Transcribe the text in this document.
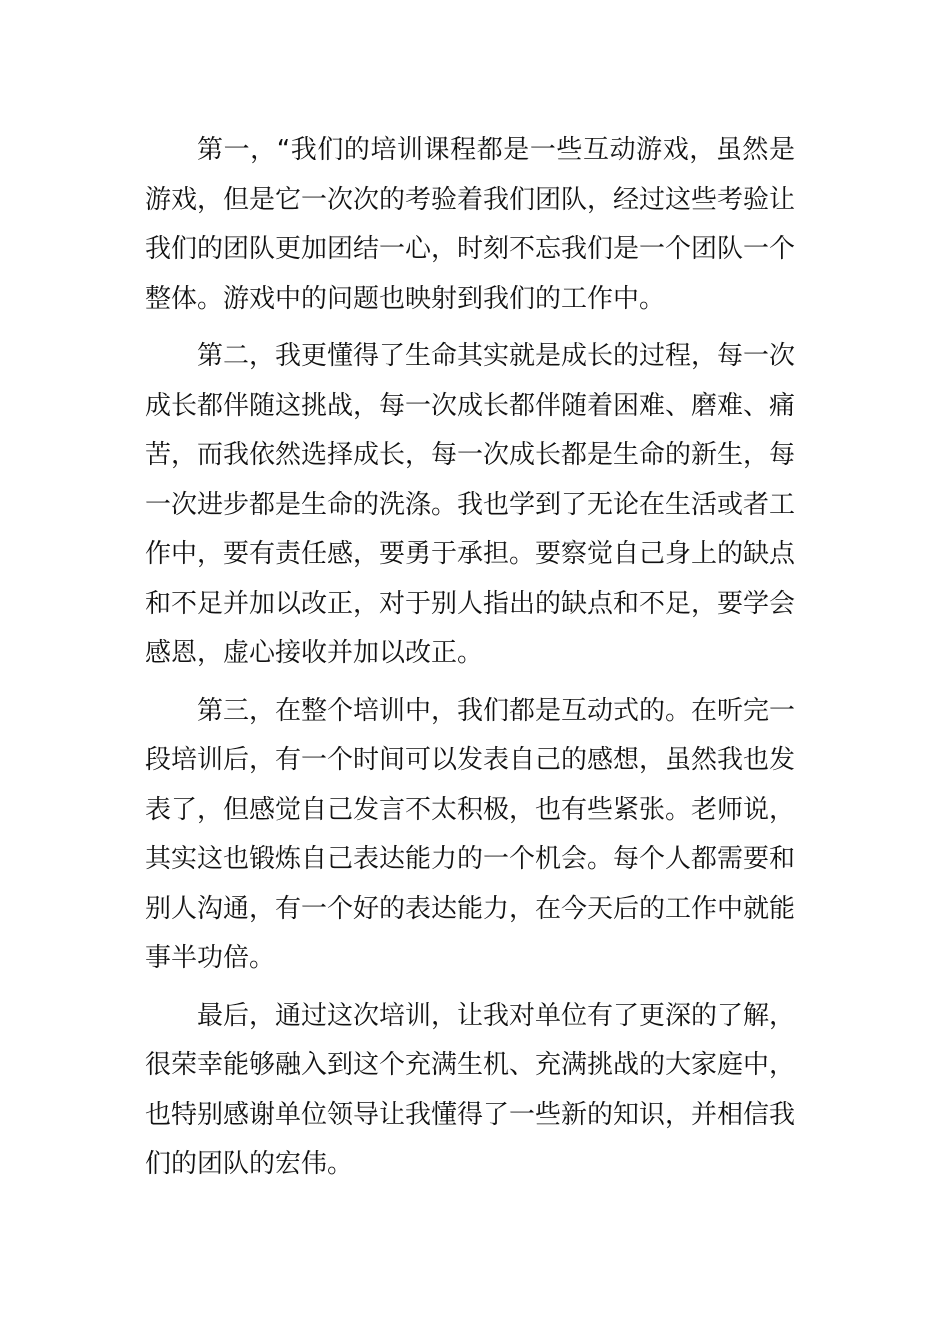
第一，“我们的培训课程都是一些互动游戏，虽然是游戏，但是它一次次的考验着我们团队，经过这些考验让我们的团队更加团结一心，时刻不忘我们是一个团队一个整体。游戏中的问题也映射到我们的工作中。

第二，我更懂得了生命其实就是成长的过程，每一次成长都伴随这挑战，每一次成长都伴随着困难、磨难、痛苦，而我依然选择成长，每一次成长都是生命的新生，每一次进步都是生命的洗涤。我也学到了无论在生活或者工作中，要有责任感，要勇于承担。要察觉自己身上的缺点和不足并加以改正，对于别人指出的缺点和不足，要学会感恩，虚心接收并加以改正。

第三，在整个培训中，我们都是互动式的。在听完一段培训后，有一个时间可以发表自己的感想，虽然我也发表了，但感觉自己发言不太积极，也有些紧张。老师说，其实这也锻炼自己表达能力的一个机会。每个人都需要和别人沟通，有一个好的表达能力，在今天后的工作中就能事半功倍。

最后，通过这次培训，让我对单位有了更深的了解，很荣幸能够融入到这个充满生机、充满挑战的大家庭中，也特别感谢单位领导让我懂得了一些新的知识，并相信我们的团队的宏伟。
